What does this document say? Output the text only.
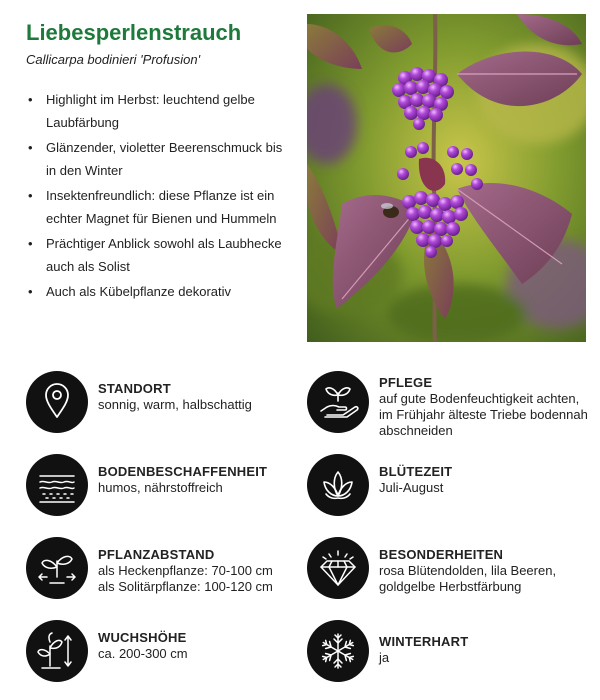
Liebesperlenstrauch
Callicarpa bodinieri 'Profusion'
• Highlight im Herbst: leuchtend gelbe Laubfärbung
• Glänzender, violetter Beerenschmuck bis in den Winter
• Insektenfreundlich: diese Pflanze ist ein echter Magnet für Bienen und Hummeln
• Prächtiger Anblick sowohl als Laubhecke auch als Solist
• Auch als Kübelpflanze dekorativ
STANDORT
sonnig, warm, halbschattig
PFLEGE
auf gute Bodenfeuchtigkeit achten,
im Frühjahr älteste Triebe bodennah
abschneiden
BODENBESCHAFFENHEIT
humos, nährstoffreich
BLÜTEZEIT
Juli-August
PFLANZABSTAND
als Heckenpflanze: 70-100 cm
als Solitärpflanze: 100-120 cm
BESONDERHEITEN
rosa Blütendolden, lila Beeren,
goldgelbe Herbstfärbung
WUCHSHÖHE
ca. 200-300 cm
WINTERHART
ja
